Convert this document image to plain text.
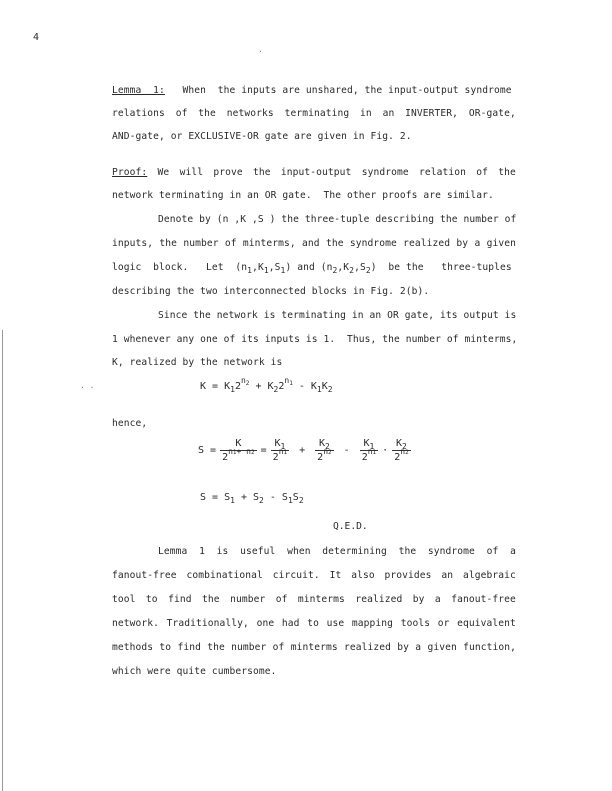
4
.
Lemma  1:   When  the inputs are unshared, the input-output syndrome
relations of the networks terminating in an INVERTER, OR-gate,
AND-gate, or EXCLUSIVE-OR gate are given in Fig. 2.
Proof: We will prove the input-output syndrome relation of the
network terminating in an OR gate.  The other proofs are similar.
Denote by (n ,K ,S ) the three-tuple describing the number of
inputs, the number of minterms, and the syndrome realized by a given
logic  block.   Let  $(n_1,K_1,S_1)$ and $(n_2,K_2,S_2)$  be the   three-tuples
describing the two interconnected blocks in Fig. 2(b).
Since the network is terminating in an OR gate, its output is
1 whenever any one of its inputs is 1.  Thus, the number of minterms,
K, realized by the network is
. .	$K = K_12^{n_2} + K_22^{n_1} - K_1K_2$
hence,
$S = \frac{K}{2^{n1+ n2}} = \frac{K_1}{2^{n1}} + \frac{K_2}{2^{n2}} - \frac{K_1}{2^{n1}} \cdot \frac{K_2}{2^{n2}}$
$S = S_1 + S_2 - S_1S_2$
Q.E.D.
Lemma 1 is useful when determining the syndrome of a
fanout-free combinational circuit. It also provides an algebraic
tool to find the number of minterms realized by a fanout-free
network. Traditionally, one had to use mapping tools or equivalent
methods to find the number of minterms realized by a given function,
which were quite cumbersome.
